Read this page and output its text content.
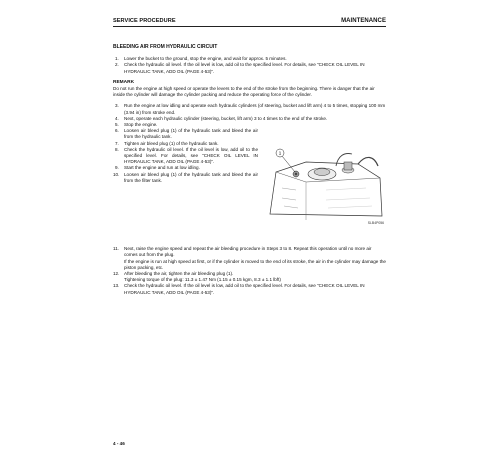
SERVICE PROCEDURE	MAINTENANCE
BLEEDING AIR FROM HYDRAULIC CIRCUIT
1. Lower the bucket to the ground, stop the engine, and wait for approx. 5 minutes.
2. Check the hydraulic oil level. If the oil level is low, add oil to the specified level. For details, see "CHECK OIL LEVEL IN HYDRAULIC TANK, ADD OIL (PAGE 4-53)".
REMARK

Do not run the engine at high speed or operate the levers to the end of the stroke from the beginning. There is danger that the air inside the cylinder will damage the cylinder packing and reduce the operating force of the cylinder.

3. Run the engine at low idling and operate each hydraulic cylinders (of steering, bucket and lift arm) 4 to 5 times, stopping 100 mm (3.94 in) from stroke end.
4. Next, operate each hydraulic cylinder (steering, bucket, lift arm) 3 to 4 times to the end of the stroke.
5. Stop the engine.
6. Loosen air bleed plug (1) of the hydraulic tank and bleed the air from the hydraulic tank.
7. Tighten air bleed plug (1) of the hydraulic tank.
8. Check the hydraulic oil level. If the oil level is low, add oil to the specified level. For details, see "CHECK OIL LEVEL IN HYDRAULIC TANK, ADD OIL (PAGE 4-53)".
9. Start the engine and run at low idling.
10. Loosen air bleed plug (1) of the hydraulic tank and bleed the air from the filter tank.
1
SLB4P056
11. Next, raise the engine speed and repeat the air bleeding procedure in Steps 3 to 8. Repeat this operation until no more air comes out from the plug.
If the engine is run at high speed at first, or if the cylinder is moved to the end of its stroke, the air in the cylinder may damage the piston packing, etc.
12. After bleeding the air, tighten the air bleeding plug (1).
Tightening torque of the plug: 11.3 ± 1.47 Nm (1.15 ± 0.15 kgm, 8.3 ± 1.1 lbft)
13. Check the hydraulic oil level. If the oil level is low, add oil to the specified level. For details, see "CHECK OIL LEVEL IN HYDRAULIC TANK, ADD OIL (PAGE 4-53)".
4 - 46
